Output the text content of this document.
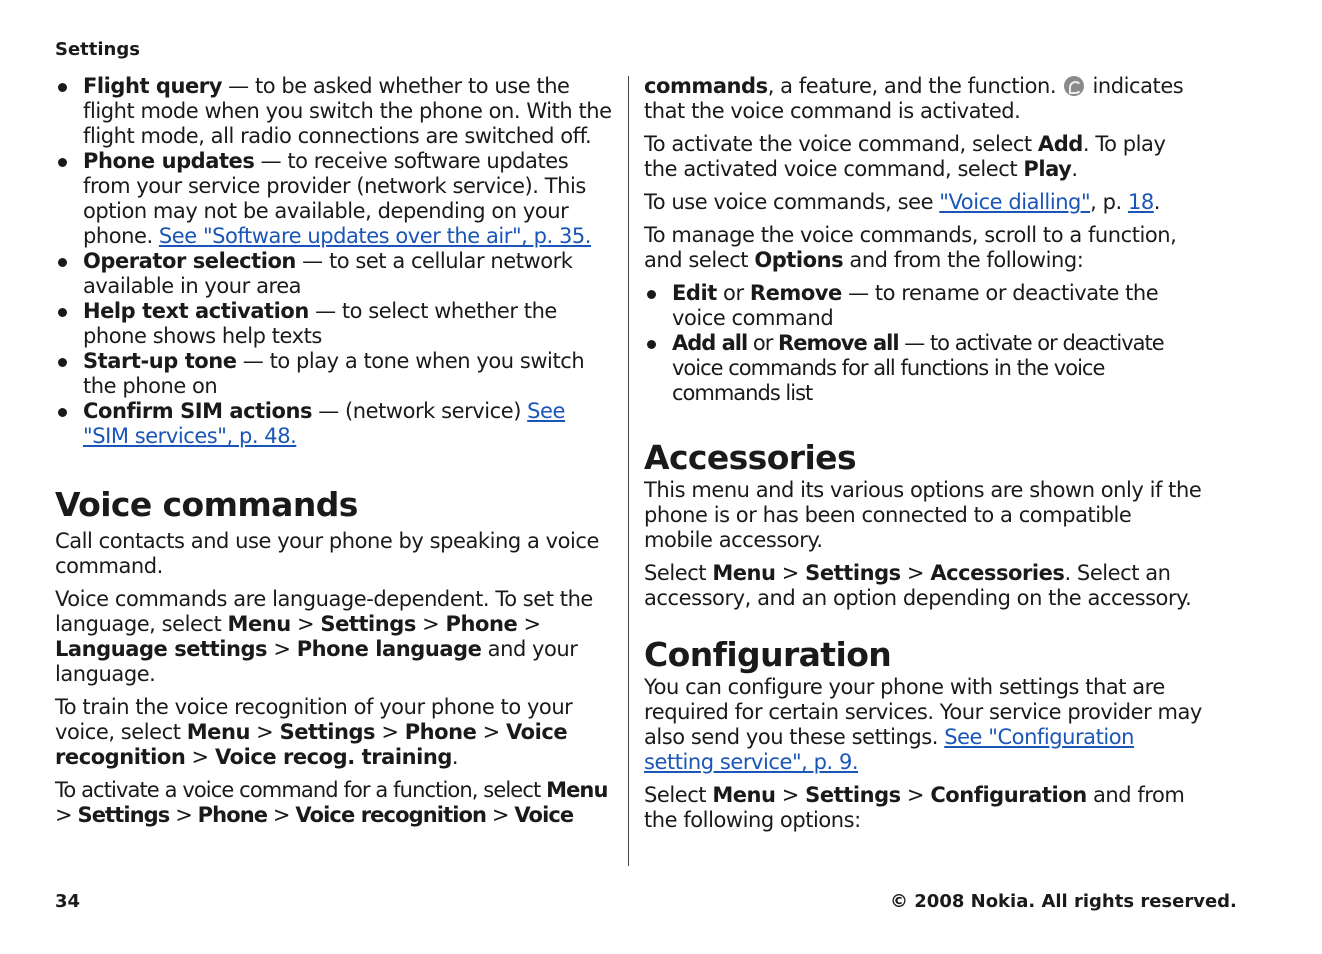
Settings
Flight query — to be asked whether to use the flight mode when you switch the phone on. With the flight mode, all radio connections are switched off.
Phone updates — to receive software updates from your service provider (network service). This option may not be available, depending on your phone. See "Software updates over the air", p. 35.
Operator selection — to set a cellular network available in your area
Help text activation — to select whether the phone shows help texts
Start-up tone — to play a tone when you switch the phone on
Confirm SIM actions — (network service) See "SIM services", p. 48.
Voice commands

Call contacts and use your phone by speaking a voice command.

Voice commands are language-dependent. To set the language, select Menu > Settings > Phone > Language settings > Phone language and your language.

To train the voice recognition of your phone to your voice, select Menu > Settings > Phone > Voice recognition > Voice recog. training.

To activate a voice command for a function, select Menu > Settings > Phone > Voice recognition > Voice

commands, a feature, and the function.  indicates that the voice command is activated.

To activate the voice command, select Add. To play the activated voice command, select Play.

To use voice commands, see "Voice dialling", p. 18.

To manage the voice commands, scroll to a function, and select Options and from the following:

Edit or Remove — to rename or deactivate the voice command
Add all or Remove all — to activate or deactivate voice commands for all functions in the voice commands list
Accessories

This menu and its various options are shown only if the phone is or has been connected to a compatible mobile accessory.

Select Menu > Settings > Accessories. Select an accessory, and an option depending on the accessory.

Configuration

You can configure your phone with settings that are required for certain services. Your service provider may also send you these settings. See "Configuration setting service", p. 9.

Select Menu > Settings > Configuration and from the following options:

34	© 2008 Nokia. All rights reserved.
